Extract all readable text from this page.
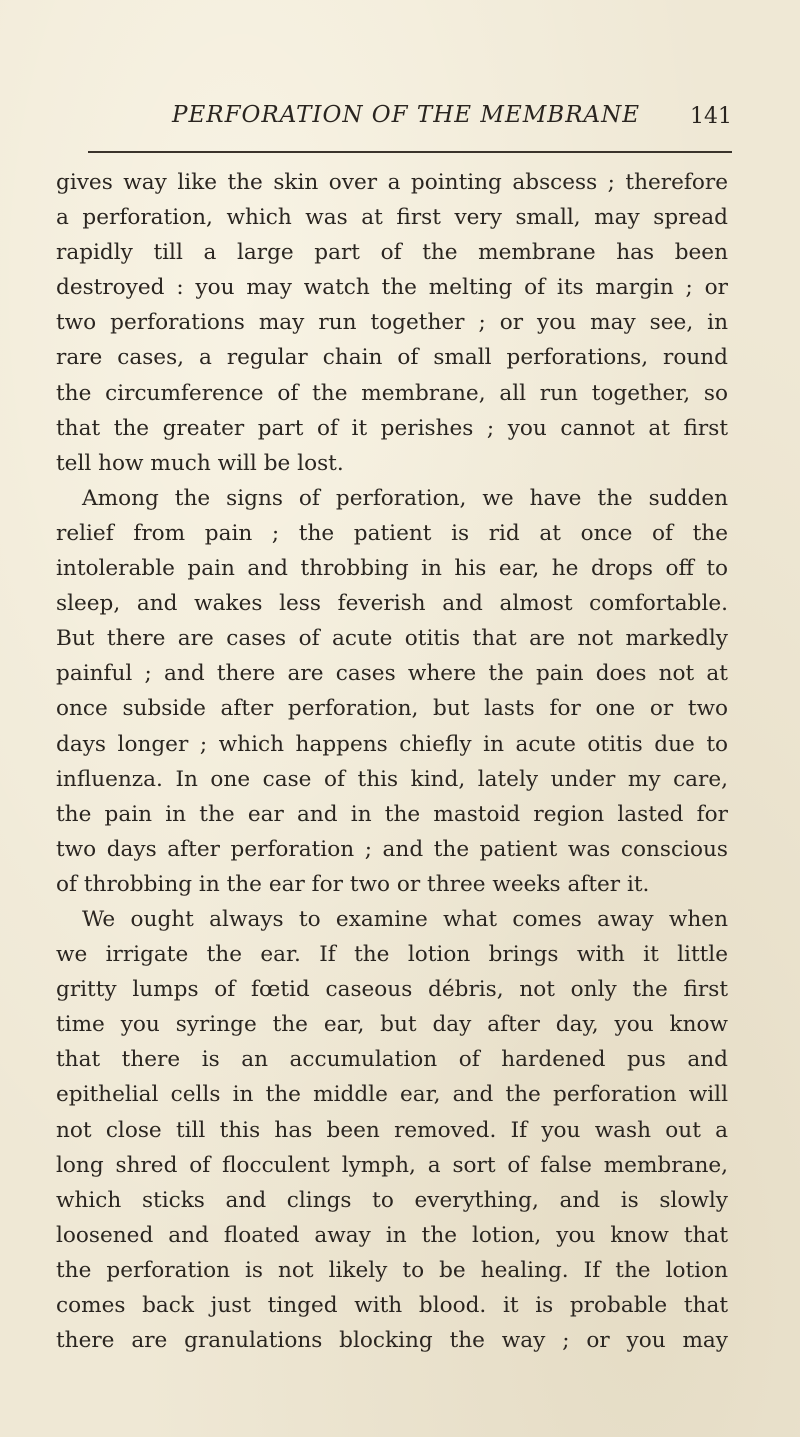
PERFORATION OF THE MEMBRANE 141
gives way like the skin over a pointing abscess ; therefore
a perforation, which was at first very small, may spread
rapidly till a large part of the membrane has been
destroyed : you may watch the melting of its margin ; or
two perforations may run together ; or you may see, in
rare cases, a regular chain of small perforations, round
the circumference of the membrane, all run together, so
that the greater part of it perishes ; you cannot at first
tell how much will be lost.
Among the signs of perforation, we have the sudden
relief from pain ; the patient is rid at once of the
intolerable pain and throbbing in his ear, he drops off to
sleep, and wakes less feverish and almost comfortable.
But there are cases of acute otitis that are not markedly
painful ; and there are cases where the pain does not at
once subside after perforation, but lasts for one or two
days longer ; which happens chiefly in acute otitis due to
influenza. In one case of this kind, lately under my care,
the pain in the ear and in the mastoid region lasted for
two days after perforation ; and the patient was conscious
of throbbing in the ear for two or three weeks after it.
We ought always to examine what comes away when
we irrigate the ear. If the lotion brings with it little
gritty lumps of fœtid caseous débris, not only the first
time you syringe the ear, but day after day, you know
that there is an accumulation of hardened pus and
epithelial cells in the middle ear, and the perforation will
not close till this has been removed. If you wash out a
long shred of flocculent lymph, a sort of false membrane,
which sticks and clings to everything, and is slowly
loosened and floated away in the lotion, you know that
the perforation is not likely to be healing. If the lotion
comes back just tinged with blood. it is probable that
there are granulations blocking the way ; or you may
